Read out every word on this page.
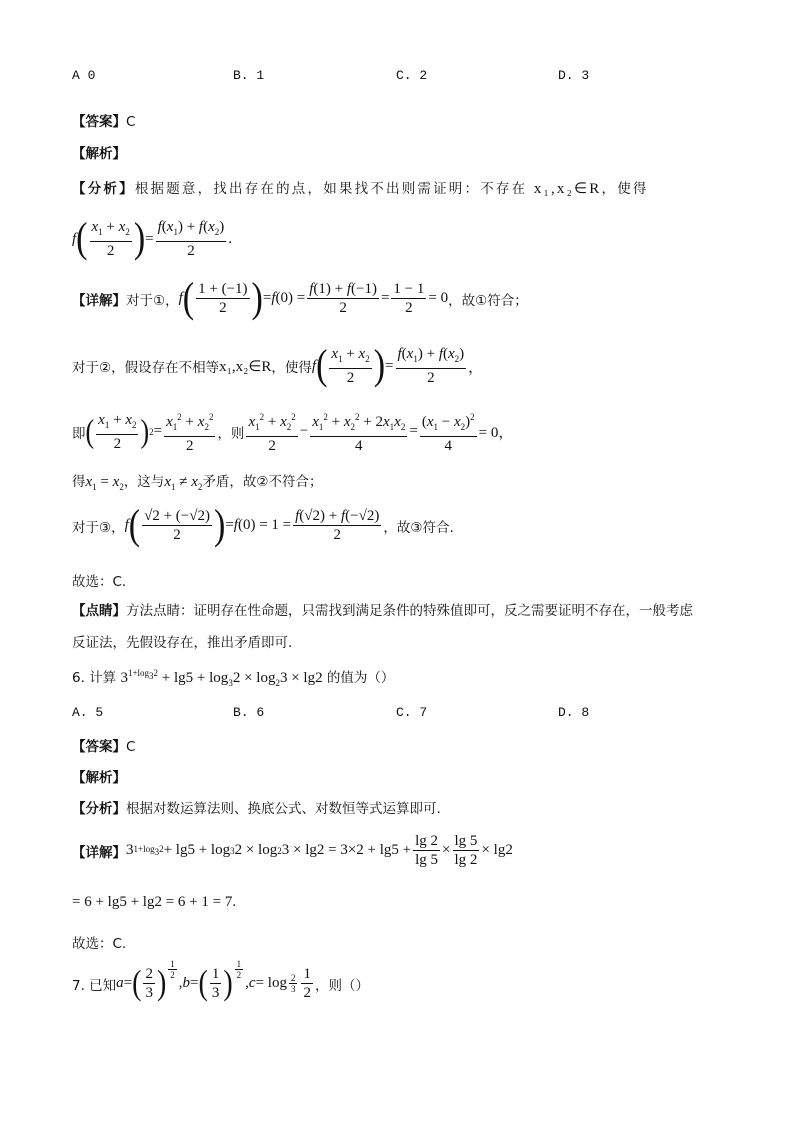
A 0	B. 1	C. 2	D. 3
【答案】C
【解析】
【分析】根据题意，找出存在的点，如果找不出则需证明：不存在 x₁,x₂∈R，使得
f ( $\frac{x_1 + x_2}{2}$ ) = $\frac{f(x_1) + f(x_2)}{2}$ .
【详解】 对于①， f ( $\frac{1 + (-1)}{2}$ ) = f $(0) = \frac{f(1) + f(-1)}{2} = \frac{1 - 1}{2} = 0$ ，故①符合；
对于②，假设存在不相等 x₁,x₂∈R ，使得 f ( $\frac{x_1 + x_2}{2}$ ) = $\frac{f(x_1) + f(x_2)}{2}$ ，
即 ( $\frac{x_1 + x_2}{2}$ ) $2 = \frac{x_1^2 + x_2^2}{2}$ ，则 $\frac{x_1^2 + x_2^2}{2} - \frac{x_1^2 + x_2^2 + 2x_1x_2}{4} = \frac{(x_1 - x_2)^2}{4} = 0$，
得$x_1 = x_2$，这与$x_1 \ne x_2$矛盾，故②不符合；
对于③， f ( $\frac{√2 + (-√2)}{2}$ ) = f $(0) = 1 = \frac{f(√2) + f(-√2)}{2}$ ，故③符合.
故选：C.
【点睛】方法点睛：证明存在性命题，只需找到满足条件的特殊值即可，反之需要证明不存在，一般考虑
反证法，先假设存在，推出矛盾即可.
6. 计算 $3^{1+log_32} + \lg 5 + \log_32 \times \log_23 \times \lg 2$ 的值为（）
A. 5	B. 6	C. 7	D. 8
【答案】C
【解析】
【分析】根据对数运算法则、换底公式、对数恒等式运算即可.
【详解】 3 $1+\log_32 + \lg 5 + \log 3$ 2 × log 2 $3 \times \lg 2 = 3\times 2 + \lg 5 + \frac{\lg 2}{\lg 5} \times \frac{\lg 5}{\lg 2} \times \lg 2$
= 6 + lg5 + lg2 = 6 + 1 = 7.
故选：C.
7. 已知 a = ( $\frac{2}{3}$ ) $^{\frac{1}{2}}$
, b = ( $\frac{1}{3}$ ) $^{\frac{1}{2}}$
, $c = \log \frac{2}{3} \frac{1}{2}$ ，则（）
